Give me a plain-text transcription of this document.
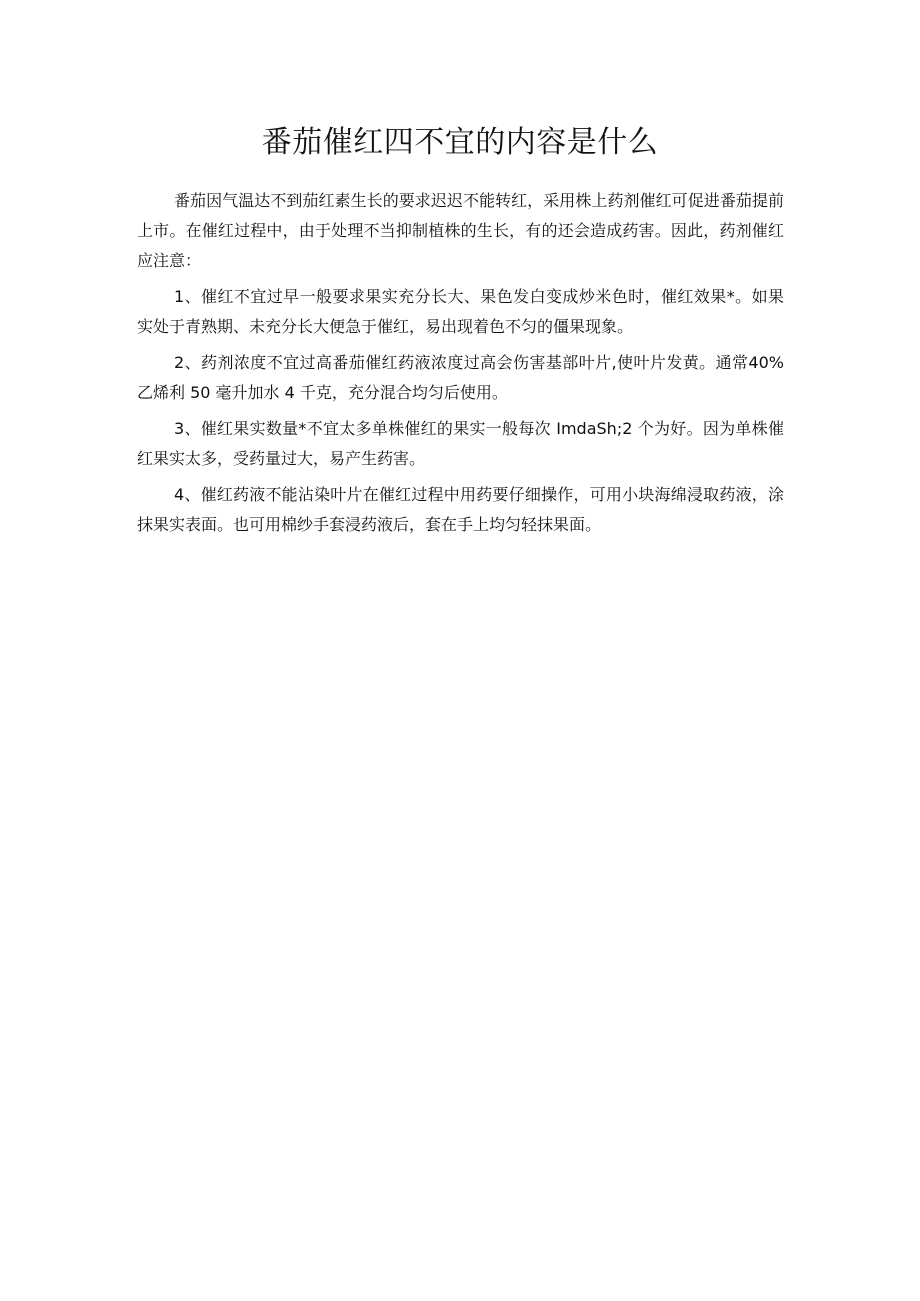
番茄催红四不宜的内容是什么

番茄因气温达不到茄红素生长的要求迟迟不能转红，采用株上药剂催红可促进番茄提前上市。在催红过程中，由于处理不当抑制植株的生长，有的还会造成药害。因此，药剂催红应注意：

1、催红不宜过早一般要求果实充分长大、果色发白变成炒米色时，催红效果*。如果实处于青熟期、未充分长大便急于催红，易出现着色不匀的僵果现象。

2、药剂浓度不宜过高番茄催红药液浓度过高会伤害基部叶片,使叶片发黄。通常40%乙烯利 50 毫升加水 4 千克，充分混合均匀后使用。

3、催红果实数量*不宜太多单株催红的果实一般每次 ImdaSh;2 个为好。因为单株催红果实太多，受药量过大，易产生药害。

4、催红药液不能沾染叶片在催红过程中用药要仔细操作，可用小块海绵浸取药液，涂抹果实表面。也可用棉纱手套浸药液后，套在手上均匀轻抹果面。
